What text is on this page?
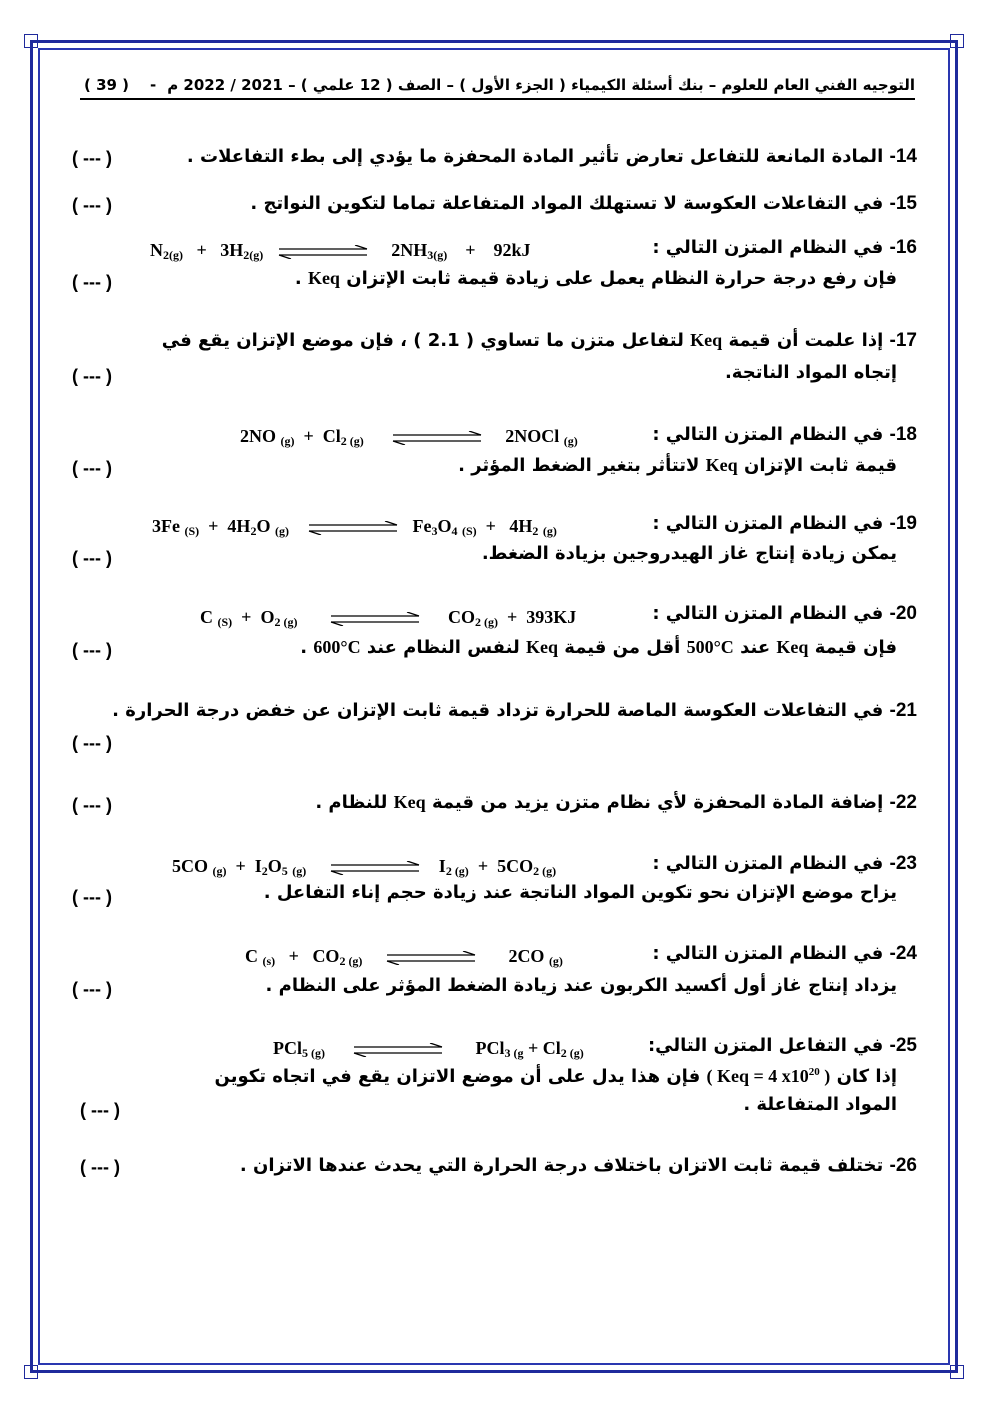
التوجيه الفني العام للعلوم – بنك أسئلة الكيمياء ( الجزء الأول ) – الصف ( 12 علمي ) – 2021 / 2022 م
-
( 39 )
14- المادة المانعة للتفاعل تعارض تأثير المادة المحفزة ما يؤدي إلى بطء التفاعلات .
( --- )
15- في التفاعلات العكوسة لا تستهلك المواد المتفاعلة تماما لتكوين النواتج .
( --- )
16- في النظام المتزن التالي :
N2(g) + 3H2(g)	2NH3(g) + 92kJ
فإن رفع درجة حرارة النظام يعمل على زيادة قيمة ثابت الإتزان Keq .
( --- )
17- إذا علمت أن قيمة Keq لتفاعل متزن ما تساوي ( 2.1 ) ، فإن موضع الإتزان يقع في
إتجاه المواد الناتجة.
( --- )
18- في النظام المتزن التالي :
2NO (g) + Cl2 (g)	2NOCl (g)
قيمة ثابت الإتزان Keq لاتتأثر بتغير الضغط المؤثر .
( --- )
19- في النظام المتزن التالي :
3Fe (S) + 4H2O (g)	Fe3O4 (S) + 4H2 (g)
يمكن زيادة إنتاج غاز الهيدروجين بزيادة الضغط.
( --- )
20- في النظام المتزن التالي :
C (S) + O2 (g)	CO2 (g) + 393KJ
فإن قيمة Keq عند 500°C أقل من قيمة Keq لنفس النظام عند 600°C .
( --- )
21- في التفاعلات العكوسة الماصة للحرارة تزداد قيمة ثابت الإتزان عن خفض درجة الحرارة .
( --- )
22- إضافة المادة المحفزة لأي نظام متزن يزيد من قيمة Keq للنظام .
( --- )
23- في النظام المتزن التالي :
5CO (g) + I2O5 (g)	I2 (g) + 5CO2 (g)
يزاح موضع الإتزان نحو تكوين المواد الناتجة عند زيادة حجم إناء التفاعل .
( --- )
24- في النظام المتزن التالي :
C (s) + CO2 (g)	2CO (g)
يزداد إنتاج غاز أول أكسيد الكربون عند زيادة الضغط المؤثر على النظام .
( --- )
25- في التفاعل المتزن التالي:
PCl5 (g)	PCl3 (g + Cl2 (g)
إذا كان ( Keq = 4 $x10^{20}$ ) فإن هذا يدل على أن موضع الاتزان يقع في اتجاه تكوين
المواد المتفاعلة .
( --- )
26- تختلف قيمة ثابت الاتزان باختلاف درجة الحرارة التي يحدث عندها الاتزان .
( --- )
